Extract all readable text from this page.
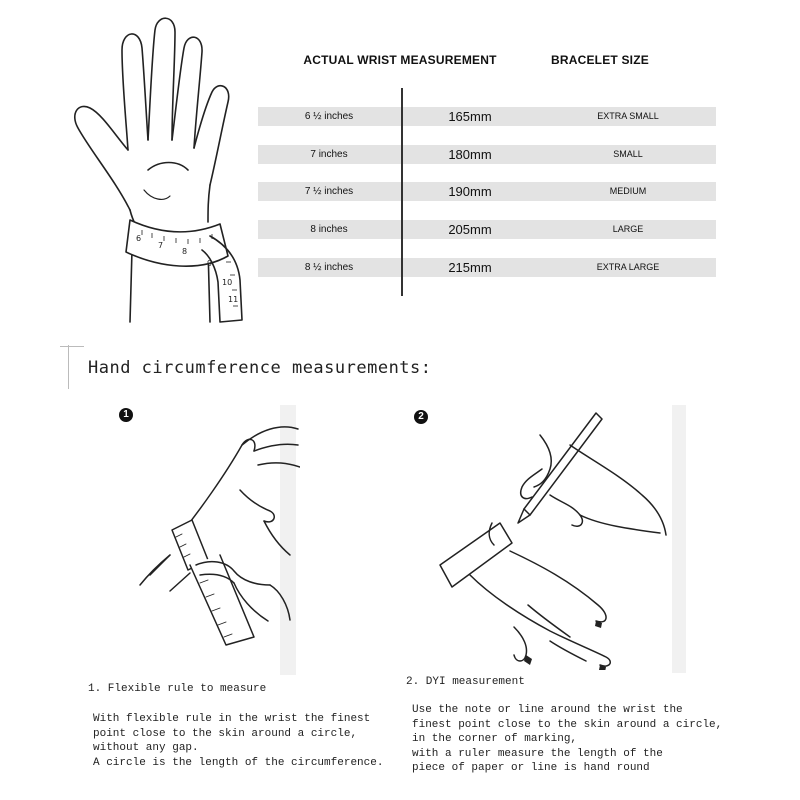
6
7
8
9
10
11
ACTUAL WRIST MEASUREMENT	BRACELET SIZE
6 ½ inches	165mm	EXTRA SMALL
7 inches	180mm	SMALL
7 ½ inches	190mm	MEDIUM
8 inches	205mm	LARGE
8 ½ inches	215mm	EXTRA LARGE
Hand circumference measurements:
1
1. Flexible rule to measure
With flexible rule in the wrist the finest
point close to the skin around a circle,
without any gap.
A circle is the length of the circumference.
2
2. DYI measurement
Use the note or line around the wrist the
finest point close to the skin around a circle,
in the corner of marking,
with a ruler measure the length of the
piece of paper or line is hand round
